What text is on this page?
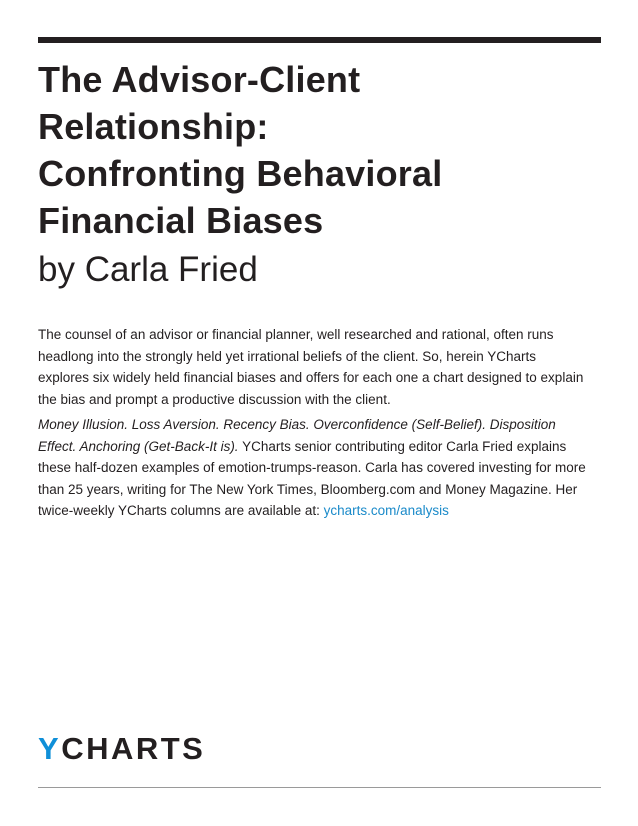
The Advisor-Client
Relationship:
Confronting Behavioral
Financial Biases

by Carla Fried

The counsel of an advisor or financial planner, well researched and rational, often runs
headlong into the strongly held yet irrational beliefs of the client. So, herein YCharts
explores six widely held financial biases and offers for each one a chart designed to explain
the bias and prompt a productive discussion with the client.

Money Illusion. Loss Aversion. Recency Bias. Overconfidence (Self-Belief). Disposition
Effect. Anchoring (Get-Back-It is). YCharts senior contributing editor Carla Fried explains
these half-dozen examples of emotion-trumps-reason. Carla has covered investing for more
than 25 years, writing for The New York Times, Bloomberg.com and Money Magazine. Her
twice-weekly YCharts columns are available at: ycharts.com/analysis

YCHARTS
